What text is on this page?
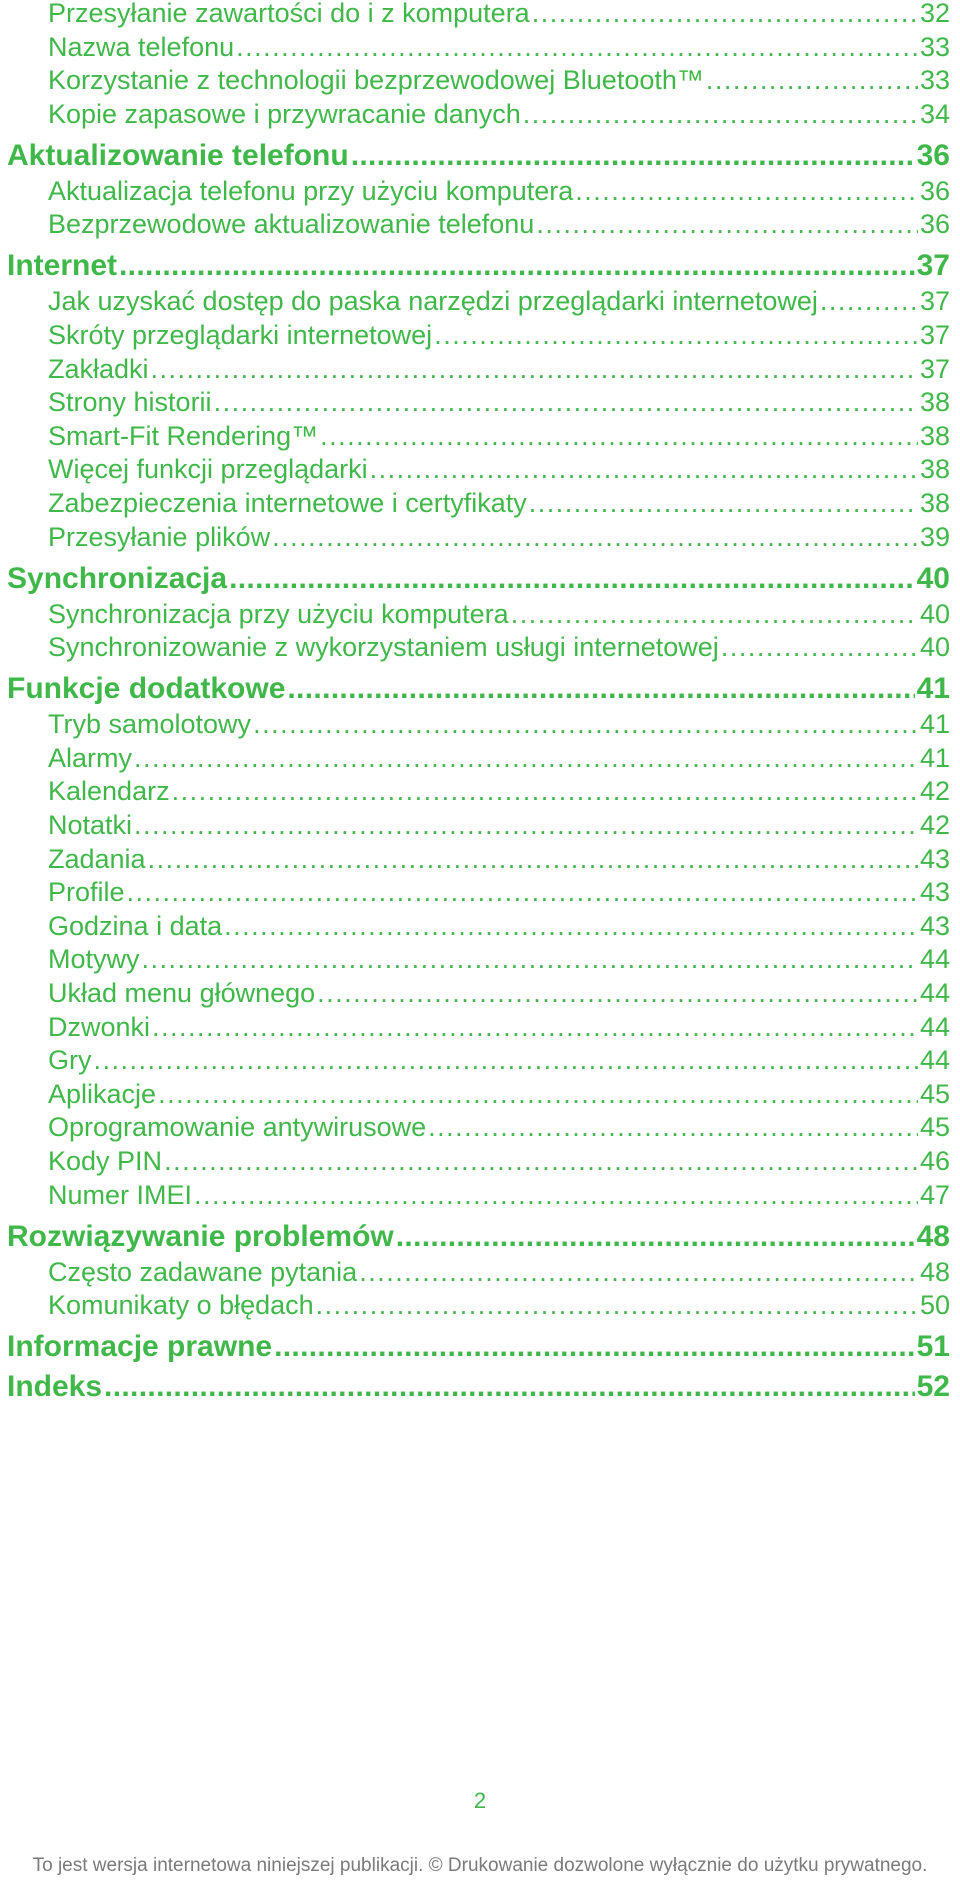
Przesyłanie zawartości do i z komputera . . .	32
Nazwa telefonu . . .	33
Korzystanie z technologii bezprzewodowej Bluetooth™ . . .	33
Kopie zapasowe i przywracanie danych . . .	34
Aktualizowanie telefonu . . .	36
Aktualizacja telefonu przy użyciu komputera . . .	36
Bezprzewodowe aktualizowanie telefonu . . .	36
Internet . . .	37
Jak uzyskać dostęp do paska narzędzi przeglądarki internetowej . . .	37
Skróty przeglądarki internetowej . . .	37
Zakładki . . .	37
Strony historii . . .	38
Smart-Fit Rendering™ . . .	38
Więcej funkcji przeglądarki . . .	38
Zabezpieczenia internetowe i certyfikaty . . .	38
Przesyłanie plików . . .	39
Synchronizacja . . .	40
Synchronizacja przy użyciu komputera . . .	40
Synchronizowanie z wykorzystaniem usługi internetowej . . .	40
Funkcje dodatkowe . . .	41
Tryb samolotowy . . .	41
Alarmy . . .	41
Kalendarz . . .	42
Notatki . . .	42
Zadania . . .	43
Profile . . .	43
Godzina i data . . .	43
Motywy . . .	44
Układ menu głównego . . .	44
Dzwonki . . .	44
Gry . . .	44
Aplikacje . . .	45
Oprogramowanie antywirusowe . . .	45
Kody PIN . . .	46
Numer IMEI . . .	47
Rozwiązywanie problemów . . .	48
Często zadawane pytania . . .	48
Komunikaty o błędach . . .	50
Informacje prawne . . .	51
Indeks . . .	52
2
To jest wersja internetowa niniejszej publikacji. © Drukowanie dozwolone wyłącznie do użytku prywatnego.
